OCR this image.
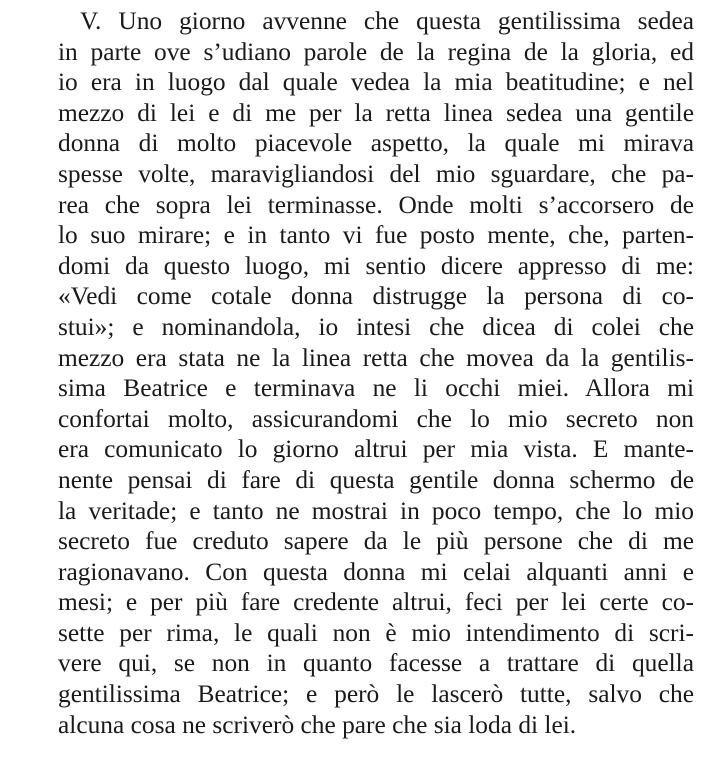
V. Uno giorno avvenne che questa gentilissima sedea
in parte ove s’udiano parole de la regina de la gloria, ed
io era in luogo dal quale vedea la mia beatitudine; e nel
mezzo di lei e di me per la retta linea sedea una gentile
donna di molto piacevole aspetto, la quale mi mirava
spesse volte, maravigliandosi del mio sguardare, che pa-
rea che sopra lei terminasse. Onde molti s’accorsero de
lo suo mirare; e in tanto vi fue posto mente, che, parten-
domi da questo luogo, mi sentio dicere appresso di me:
«Vedi come cotale donna distrugge la persona di co-
stui»; e nominandola, io intesi che dicea di colei che
mezzo era stata ne la linea retta che movea da la gentilis-
sima Beatrice e terminava ne li occhi miei. Allora mi
confortai molto, assicurandomi che lo mio secreto non
era comunicato lo giorno altrui per mia vista. E mante-
nente pensai di fare di questa gentile donna schermo de
la veritade; e tanto ne mostrai in poco tempo, che lo mio
secreto fue creduto sapere da le più persone che di me
ragionavano. Con questa donna mi celai alquanti anni e
mesi; e per più fare credente altrui, feci per lei certe co-
sette per rima, le quali non è mio intendimento di scri-
vere qui, se non in quanto facesse a trattare di quella
gentilissima Beatrice; e però le lascerò tutte, salvo che
alcuna cosa ne scriverò che pare che sia loda di lei.
